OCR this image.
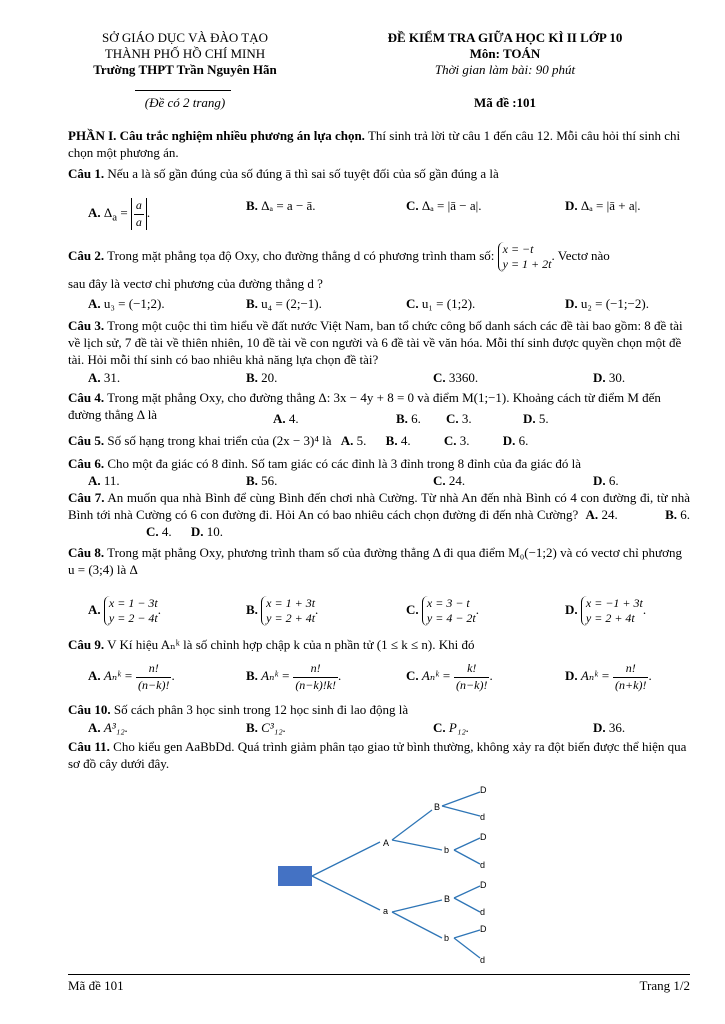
SỞ GIÁO DỤC VÀ ĐÀO TẠO
THÀNH PHỐ HỒ CHÍ MINH
Trường THPT Trần Nguyên Hãn
(Đề có 2 trang)
ĐỀ KIỂM TRA GIỮA HỌC KÌ II LỚP 10
Môn: TOÁN
Thời gian làm bài: 90 phút
Mã đề :101
PHẦN I. Câu trắc nghiệm nhiều phương án lựa chọn. Thí sinh trả lời từ câu 1 đến câu 12. Mỗi câu hỏi thí sinh chỉ chọn một phương án.
Câu 1. Nếu a là số gần đúng của số đúng ā thì sai số tuyệt đối của số gần đúng a là
A. $\Delta_a = \frac{a}{a}$ .	B. Δₐ = a − ā.	C. Δₐ = |ā − a|.	D. Δₐ = |ā + a|.
Câu 2. Trong mặt phẳng tọa độ Oxy, cho đường thẳng d có phương trình tham số: x = −t
y = 1 + 2t
. Vectơ nào
sau đây là vectơ chỉ phương của đường thẳng d ?
A. u₃ = (−1;2).	B. u₄ = (2;−1).	C. u₁ = (1;2).	D. u₂ = (−1;−2).
Câu 3. Trong một cuộc thi tìm hiểu về đất nước Việt Nam, ban tổ chức công bố danh sách các đề tài bao gồm: 8 đề tài về lịch sử, 7 đề tài về thiên nhiên, 10 đề tài về con người và 6 đề tài về văn hóa. Mỗi thí sinh được quyền chọn một đề tài. Hỏi mỗi thí sinh có bao nhiêu khả năng lựa chọn đề tài?
A. 31.	B. 20.	C. 3360.	D. 30.
Câu 4. Trong mặt phẳng Oxy, cho đường thẳng Δ: 3x − 4y + 8 = 0 và điểm M(1;−1). Khoảng cách từ điểm M đến đường thẳng Δ là	A. 4.	B. 6. C. 3.	D. 5.
Câu 5. Số số hạng trong khai triển của (2x − 3)⁴ là A. 5. B. 4.	C. 3.	D. 6.
Câu 6. Cho một đa giác có 8 đỉnh. Số tam giác có các đỉnh là 3 đỉnh trong 8 đỉnh của đa giác đó là
A. 11.	B. 56.	C. 24.	D. 6.
Câu 7. An muốn qua nhà Bình để cùng Bình đến chơi nhà Cường. Từ nhà An đến nhà Bình có 4 con đường đi, từ nhà Bình tới nhà Cường có 6 con đường đi. Hỏi An có bao nhiêu cách chọn đường đi đến nhà Cường? A. 24.	B. 6. C. 4. D. 10.
Câu 8. Trong mặt phẳng Oxy, phương trình tham số của đường thẳng Δ đi qua điểm M₀(−1;2) và có vectơ chỉ phương u = (3;4) là Δ
A. x = 1 − 3t
y = 2 − 4t
.	B. x = 1 + 3t
y = 2 + 4t
.	C. x = 3 − t
y = 4 − 2t
.	D. x = −1 + 3t
y = 2 + 4t
.
Câu 9. V Kí hiệu Aₙᵏ là số chỉnh hợp chập k của n phần tử (1 ≤ k ≤ n). Khi đó
A. Aₙᵏ = $\frac{n!}{(n-k)!}$ .	B. Aₙᵏ = $\frac{n!}{(n-k)!k!}$ .	C. Aₙᵏ = $\frac{k!}{(n-k)!}$ .	D. Aₙᵏ = $\frac{n!}{(n+k)!}$ .
Câu 10. Số cách phân 3 học sinh trong 12 học sinh đi lao động là
A. A³₁₂.	B. C³₁₂.	C. P₁₂.	D. 36.
Câu 11. Cho kiểu gen AaBbDd. Quá trình giảm phân tạo giao tử bình thường, không xảy ra đột biến được thể hiện qua sơ đồ cây dưới đây.
A
a
B
b
B
b
D
d
D
d
D
d
D
d
Mã đề 101	Trang 1/2
